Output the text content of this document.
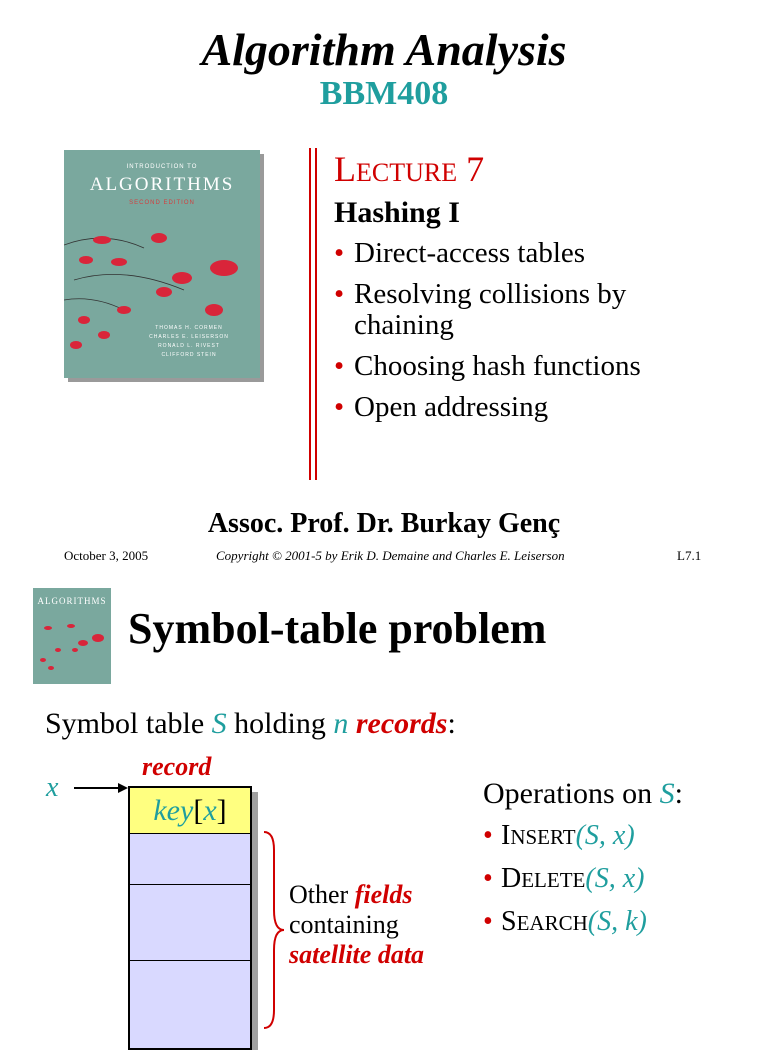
Algorithm Analysis
BBM408
INTRODUCTION TO
ALGORITHMS
SECOND EDITION
THOMAS H. CORMEN
CHARLES E. LEISERSON
RONALD L. RIVEST
CLIFFORD STEIN
LECTURE 7
Hashing I
• Direct-access tables
• Resolving collisions by
chaining
• Choosing hash functions
• Open addressing
Assoc. Prof. Dr. Burkay Genç
October 3, 2005	Copyright © 2001-5 by Erik D. Demaine and Charles E. Leiserson	L7.1
ALGORITHMS
Symbol-table problem
Symbol table S holding n records:
record
x
key[x]
Other fields
containing
satellite data
Operations on S:
• INSERT(S, x)
• DELETE(S, x)
• SEARCH(S, k)
